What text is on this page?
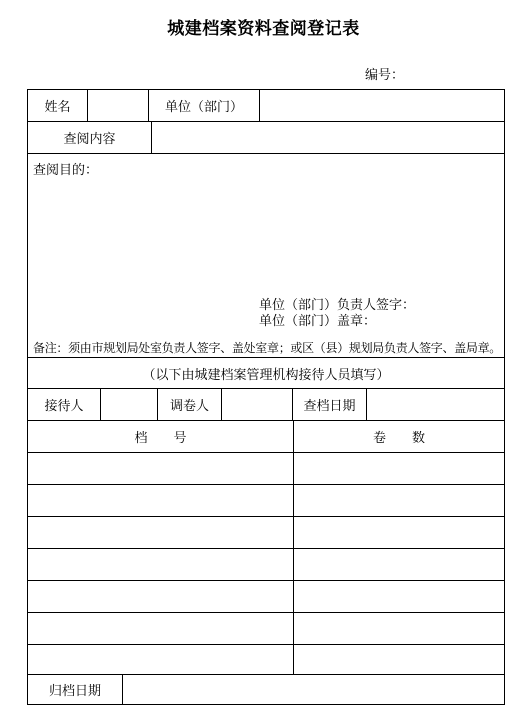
城建档案资料查阅登记表
编号：
姓名	单位（部门）
查阅内容
查阅目的：
单位（部门）负责人签字：
单位（部门）盖章：
备注：须由市规划局处室负责人签字、盖处室章；或区（县）规划局负责人签字、盖局章。
（以下由城建档案管理机构接待人员填写）
接待人	调卷人	查档日期
档　　号	卷　　数
归档日期
